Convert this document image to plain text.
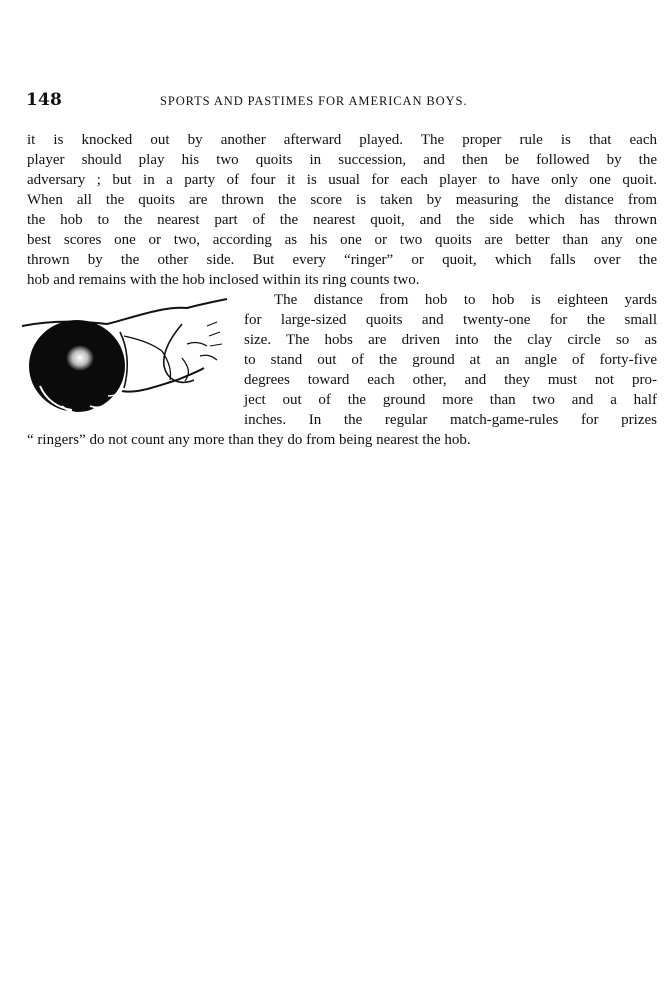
148	SPORTS AND PASTIMES FOR AMERICAN BOYS.
it is knocked out by another afterward played. The proper rule is that each
player should play his two quoits in succession, and then be followed by the
adversary ; but in a party of four it is usual for each player to have only one quoit.
When all the quoits are thrown the score is taken by measuring the distance from
the hob to the nearest part of the nearest quoit, and the side which has thrown
best scores one or two, according as his one or two quoits are better than any one
thrown by the other side. But every “ringer” or quoit, which falls over the
hob and remains with the hob inclosed within its ring counts two.
The distance from hob to hob is eighteen yards
for large-sized quoits and twenty-one for the small
size. The hobs are driven into the clay circle so as
to stand out of the ground at an angle of forty-five
degrees toward each other, and they must not pro-
ject out of the ground more than two and a half
inches. In the regular match-game-rules for prizes
“ ringers” do not count any more than they do from being nearest the hob.
